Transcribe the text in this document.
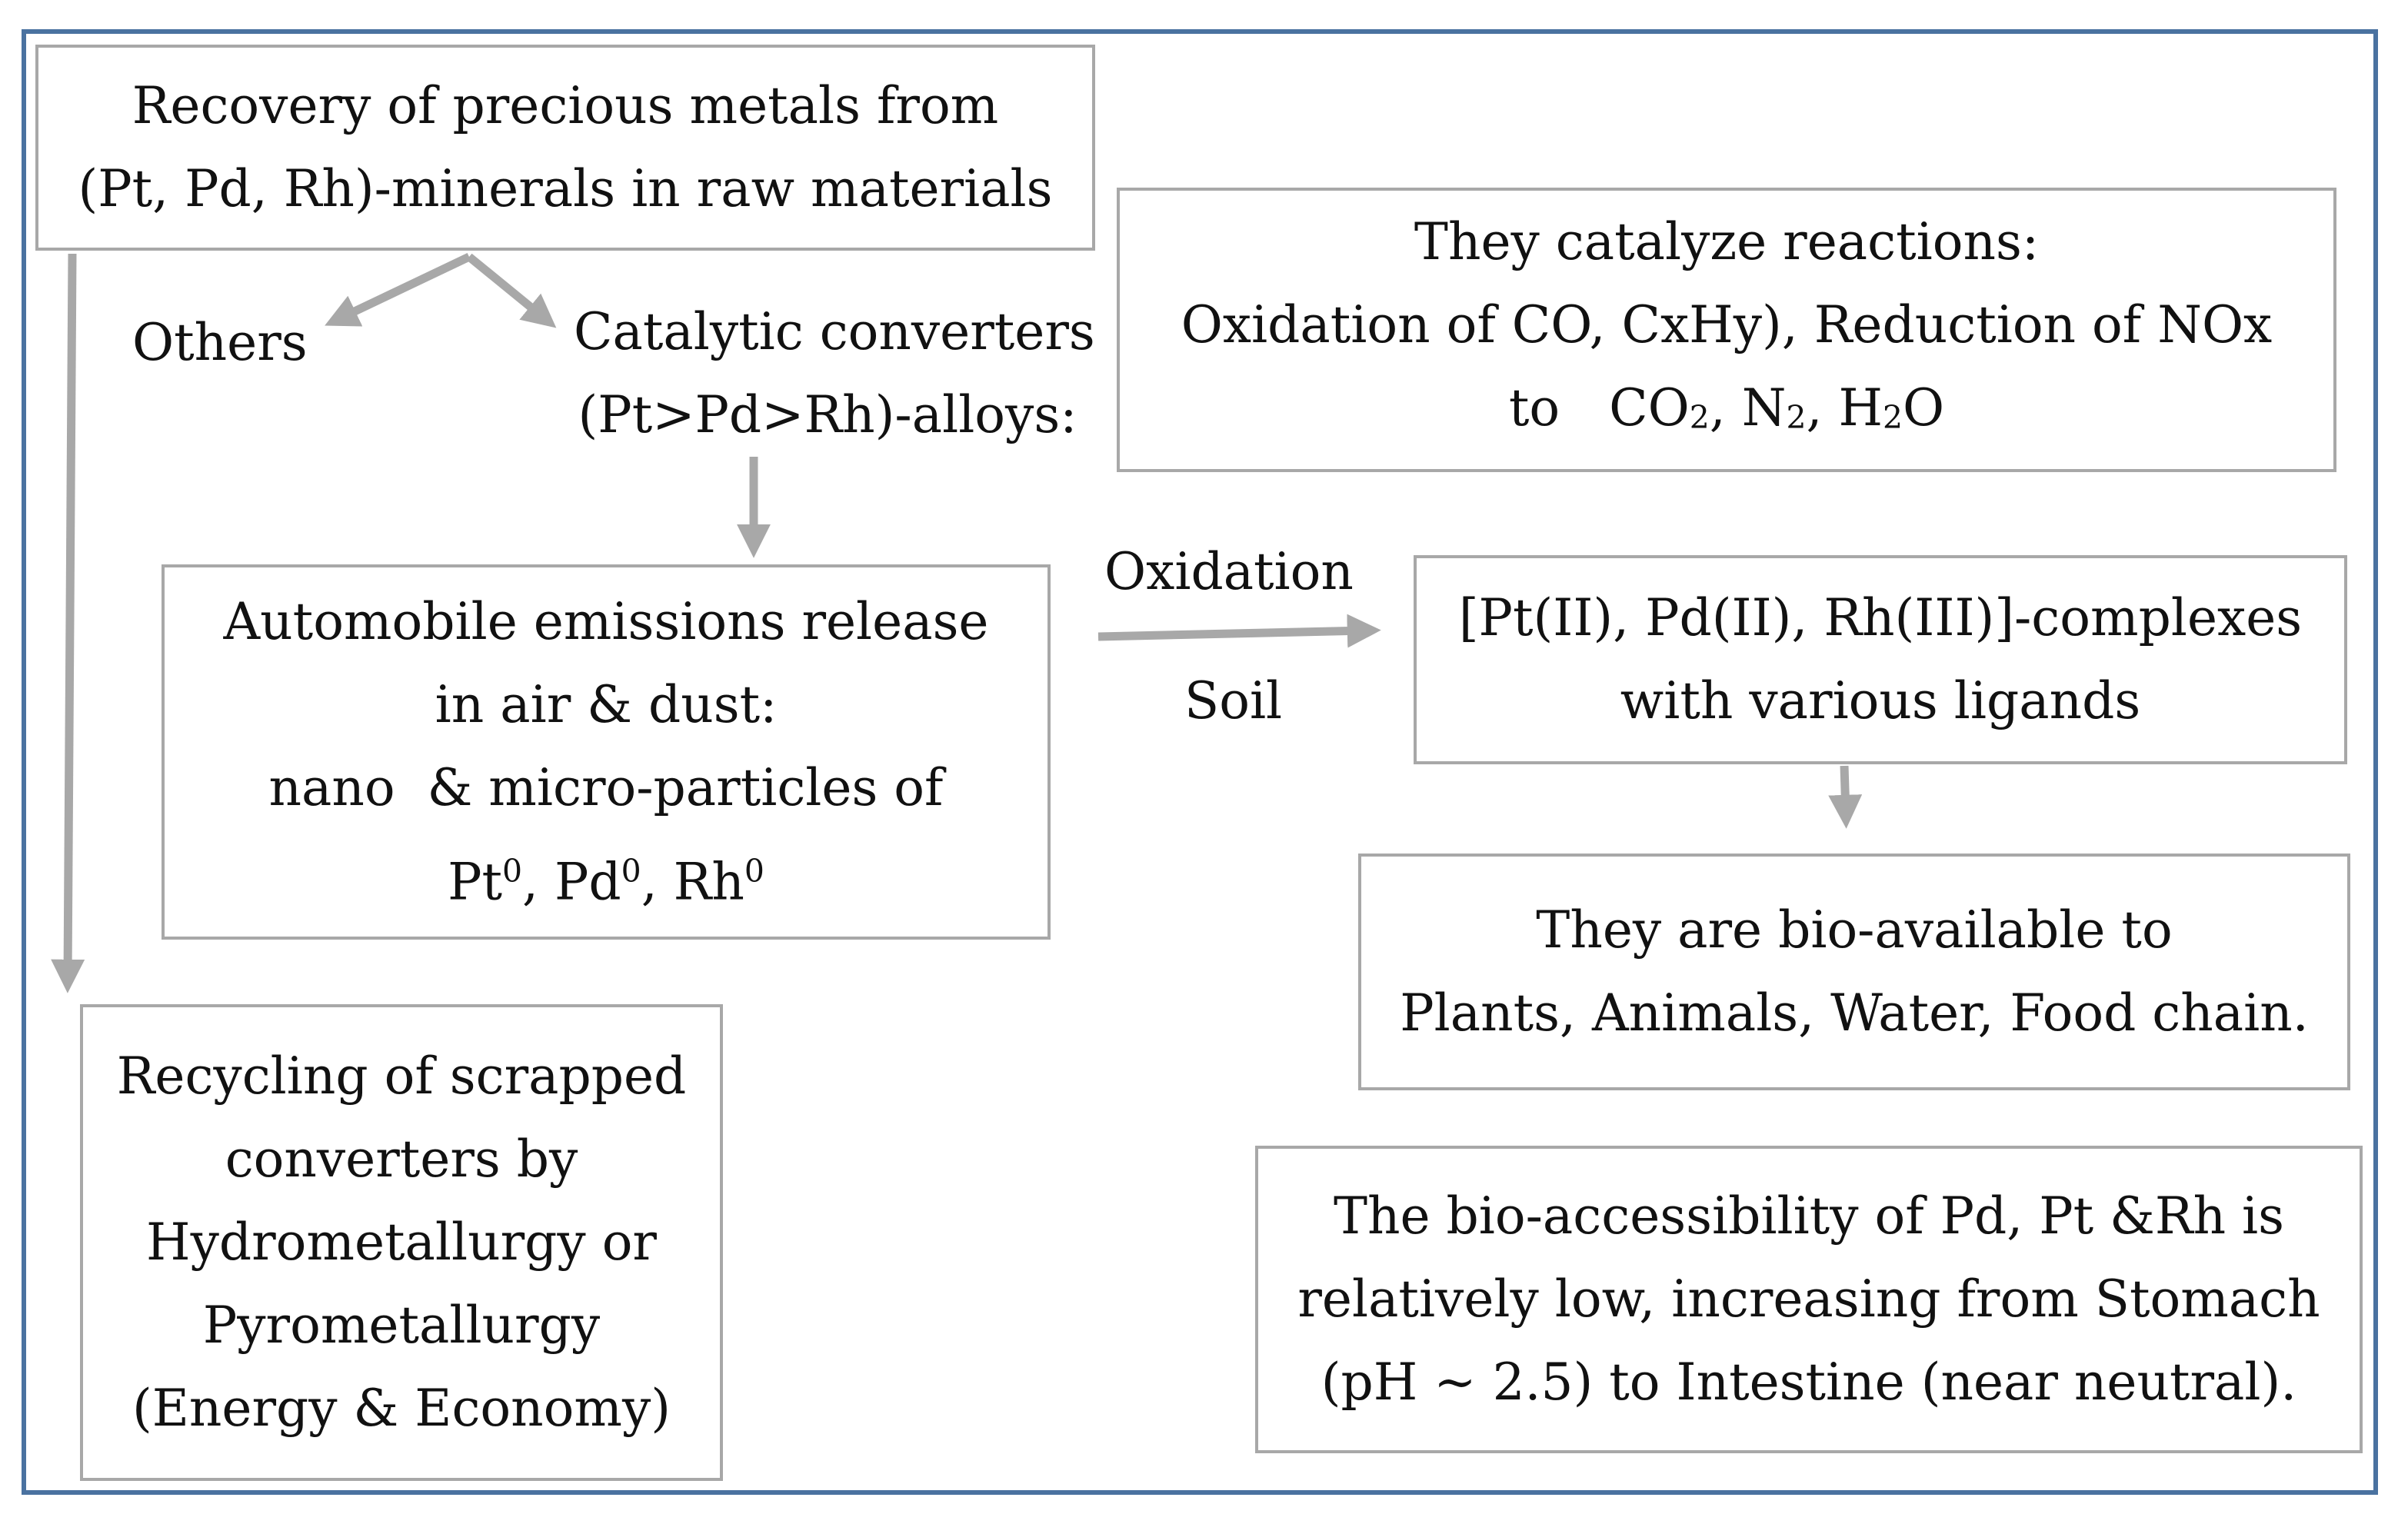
Recovery of precious metals from
(Pt, Pd, Rh)-minerals in raw materials
Others	Catalytic converters
(Pt>Pd>Rh)-alloys:
They catalyze reactions:
Oxidation of CO, CxHy), Reduction of NOx
to $CO_2$, $N_2$, $H_2O$
Automobile emissions release
in air & dust:
nano  & micro-particles of
Pt$^0$, Pd$^0$, Rh$^0$
Oxidation
Soil
[Pt(II), Pd(II), Rh(III)]-complexes
with various ligands
They are bio-available to
Plants, Animals, Water, Food chain.
Recycling of scrapped
converters by
Hydrometallurgy or
Pyrometallurgy
(Energy & Economy)
The bio-accessibility of Pd, Pt &Rh is
relatively low, increasing from Stomach
(pH ~ 2.5) to Intestine (near neutral).
